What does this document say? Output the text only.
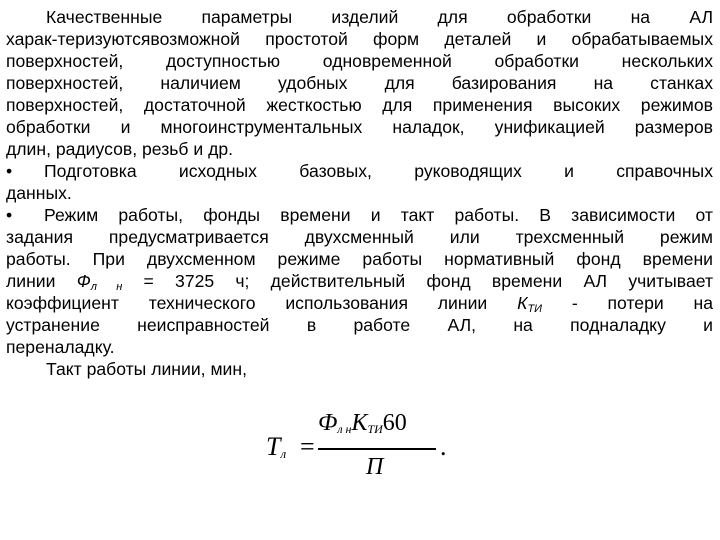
Качественные параметры изделий для обработки на АЛ
харак-теризуютсявозможной простотой форм деталей и обрабатываемых
поверхностей, доступностью одновременной обработки нескольких
поверхностей, наличием удобных для базирования на станках
поверхностей, достаточной жесткостью для применения высоких режимов
обработки и многоинструментальных наладок, унификацией размеров
длин, радиусов, резьб и др.
• Подготовка исходных базовых, руководящих и справочных
данных.
• Режим работы, фонды времени и такт работы. В зависимости от
задания предусматривается двухсменный или трехсменный режим
работы. При двухсменном режиме работы нормативный фонд времени
линии $Ф_{л н} = 3725$ ч; действительный фонд времени АЛ учитывает
коэффициент технического использования линии $К_{ТИ}$ - потери на
устранение неисправностей в работе АЛ, на подналадку и
переналадку.
Такт работы линии, мин,
$T_л$ =
$Ф_{л н}К_{ТИ}60$
П
.
